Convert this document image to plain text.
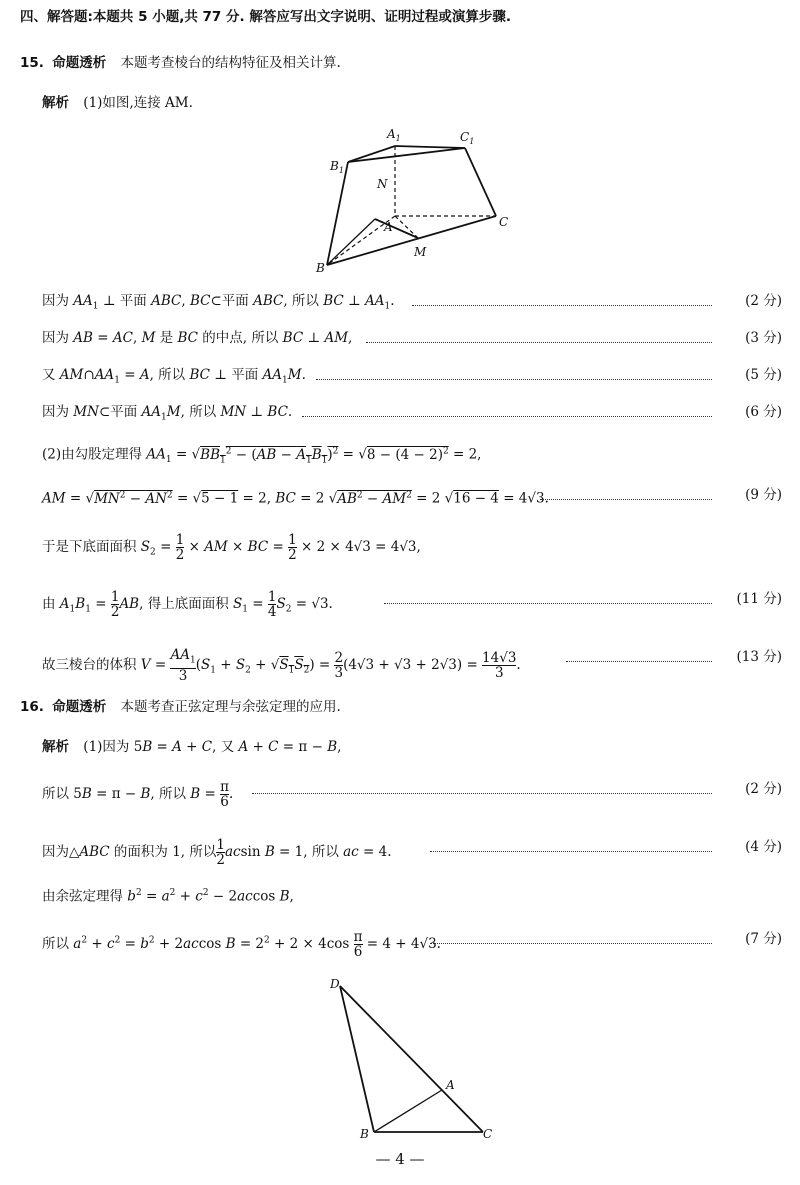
四、解答题:本题共 5 小题,共 77 分. 解答应写出文字说明、证明过程或演算步骤.
15. 命题透析 本题考查棱台的结构特征及相关计算.
解析 (1)如图,连接 AM.
$A_1$	$C_1$
$B_1$
N
A	C
M
B
因为 $AA_1$ ⊥ 平面 ABC, BC⊂平面 ABC, 所以 BC ⊥ $AA_1$.	(2 分)
因为 AB = AC, M 是 BC 的中点, 所以 BC ⊥ AM,	(3 分)
又 $AM\cap AA_1 = A$, 所以 BC ⊥ 平面 $AA_1M$.	(5 分)
因为 MN⊂平面 $AA_1M$, 所以 MN ⊥ BC.	(6 分)
(2)由勾股定理得 $AA_1 = √BB_1^2 - (AB - A_1B_1)^2 = √8 - (4 - 2)^2 = 2$,
AM = $√MN^2 - AN^2 = √5 - 1 = 2$, BC = 2 $√AB^2 - AM^2 = 2$ √16 − 4 = 4√3.	(9 分)
于是下底面面积 $S_2 = \frac{1}{2}$ × AM × BC = $\frac{1}{2} \times 2 \times 4√3 = 4√3$,
由 $A_1B_1 = \frac{1}{2}$ AB, 得上底面面积 $S_1 = \frac{1}{4} S_2 = √3$.	(11 分)
故三棱台的体积 $V = \frac{AA_1}{3} (S_1 + S_2 + √S_1S_2) = \frac{2}{3} (4√3 + √3 + 2√3) = \frac{14√3}{3}$ .	(13 分)
16. 命题透析 本题考查正弦定理与余弦定理的应用.
解析 (1)因为 5B = A + C, 又 A + C = π − B,
所以 5B = π − B, 所以 $B = \frac{\pi}{6}$ .	(2 分)
因为△ABC 的面积为 1, 所以 $\frac{1}{2}$ acsin B = 1, 所以 ac = 4.	(4 分)
由余弦定理得 $b^2 = a^2 + c^2 - 2accos$ B,
所以 $a^2 + c^2 = b^2 + 2accos$ $B = 2^2 + 2 \times 4\cos \frac{\pi}{6} = 4 + 4√3$.	(7 分)
D
A
B	C
— 4 —
